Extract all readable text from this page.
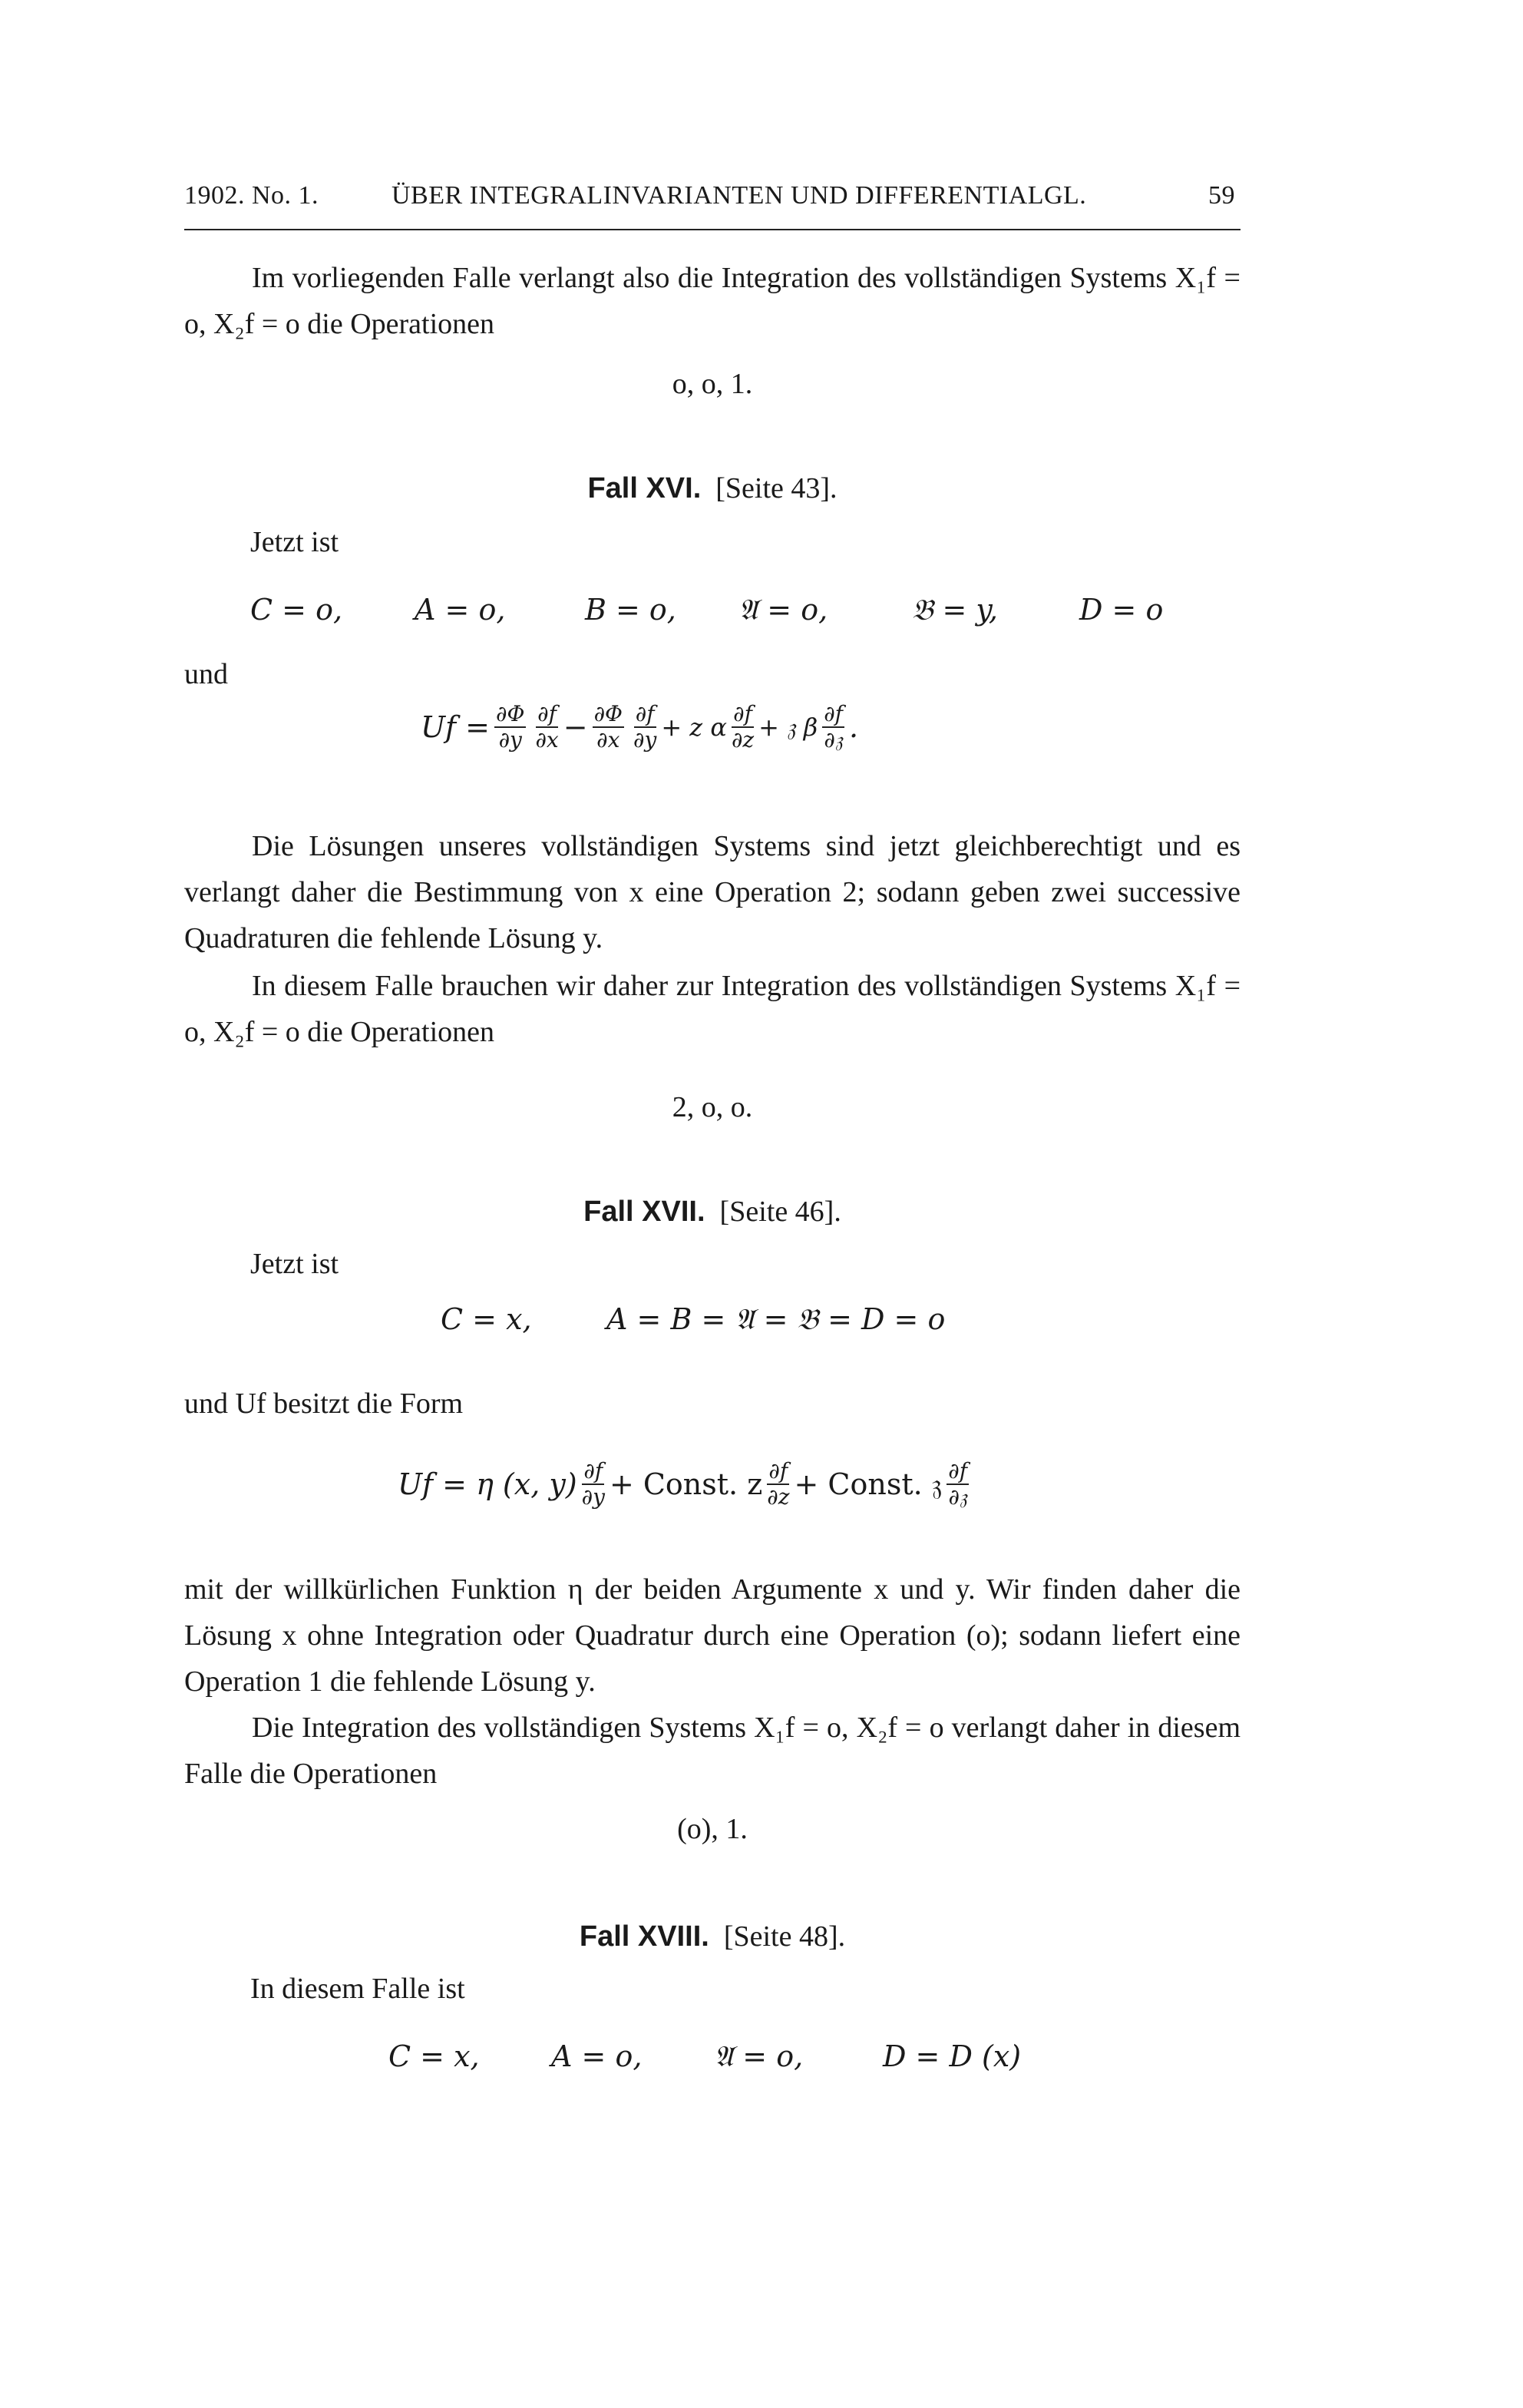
1902. No. 1.	ÜBER INTEGRALINVARIANTEN UND DIFFERENTIALGL.	59
Im vorliegenden Falle verlangt also die Integration des vollständigen Systems X₁f = o, X₂f = o die Operationen
o, o, 1.
Fall XVI. [Seite 43].
Jetzt ist
C = o, A = o,	B = o, 𝔄 = o,	𝔅 = y,	D = o
und
$Uf = \frac{\partial\Phi}{\partial y} \frac{\partial f}{\partial x} - \frac{\partial\Phi}{\partial x} \frac{\partial f}{\partial y} + z$ α $\frac{\partial f}{\partial z}$ + 𝔷 β $\frac{\partial f}{\text{∂𝔷}}$ .
Die Lösungen unseres vollständigen Systems sind jetzt gleichberechtigt und es verlangt daher die Bestimmung von x eine Operation 2; sodann geben zwei successive Quadraturen die fehlende Lösung y.
In diesem Falle brauchen wir daher zur Integration des vollständigen Systems X₁f = o, X₂f = o die Operationen
2, o, o.
Fall XVII. [Seite 46].
Jetzt ist
C = x,	A = B = 𝔄 = 𝔅 = D = o
und Uf besitzt die Form
Uf = η (x, $y) \frac{\partial f}{\partial y}$ + Const. z $\frac{\partial f}{\partial z}$ + Const. 𝔷 $\frac{\partial f}{\text{∂𝔷}}$
mit der willkürlichen Funktion η der beiden Argumente x und y. Wir finden daher die Lösung x ohne Integration oder Quadratur durch eine Operation (o); sodann liefert eine Operation 1 die fehlende Lösung y.
Die Integration des vollständigen Systems X₁f = o, X₂f = o verlangt daher in diesem Falle die Operationen
(o), 1.
Fall XVIII. [Seite 48].
In diesem Falle ist
C = x, A = o, 𝔄 = o,	D = D (x)
